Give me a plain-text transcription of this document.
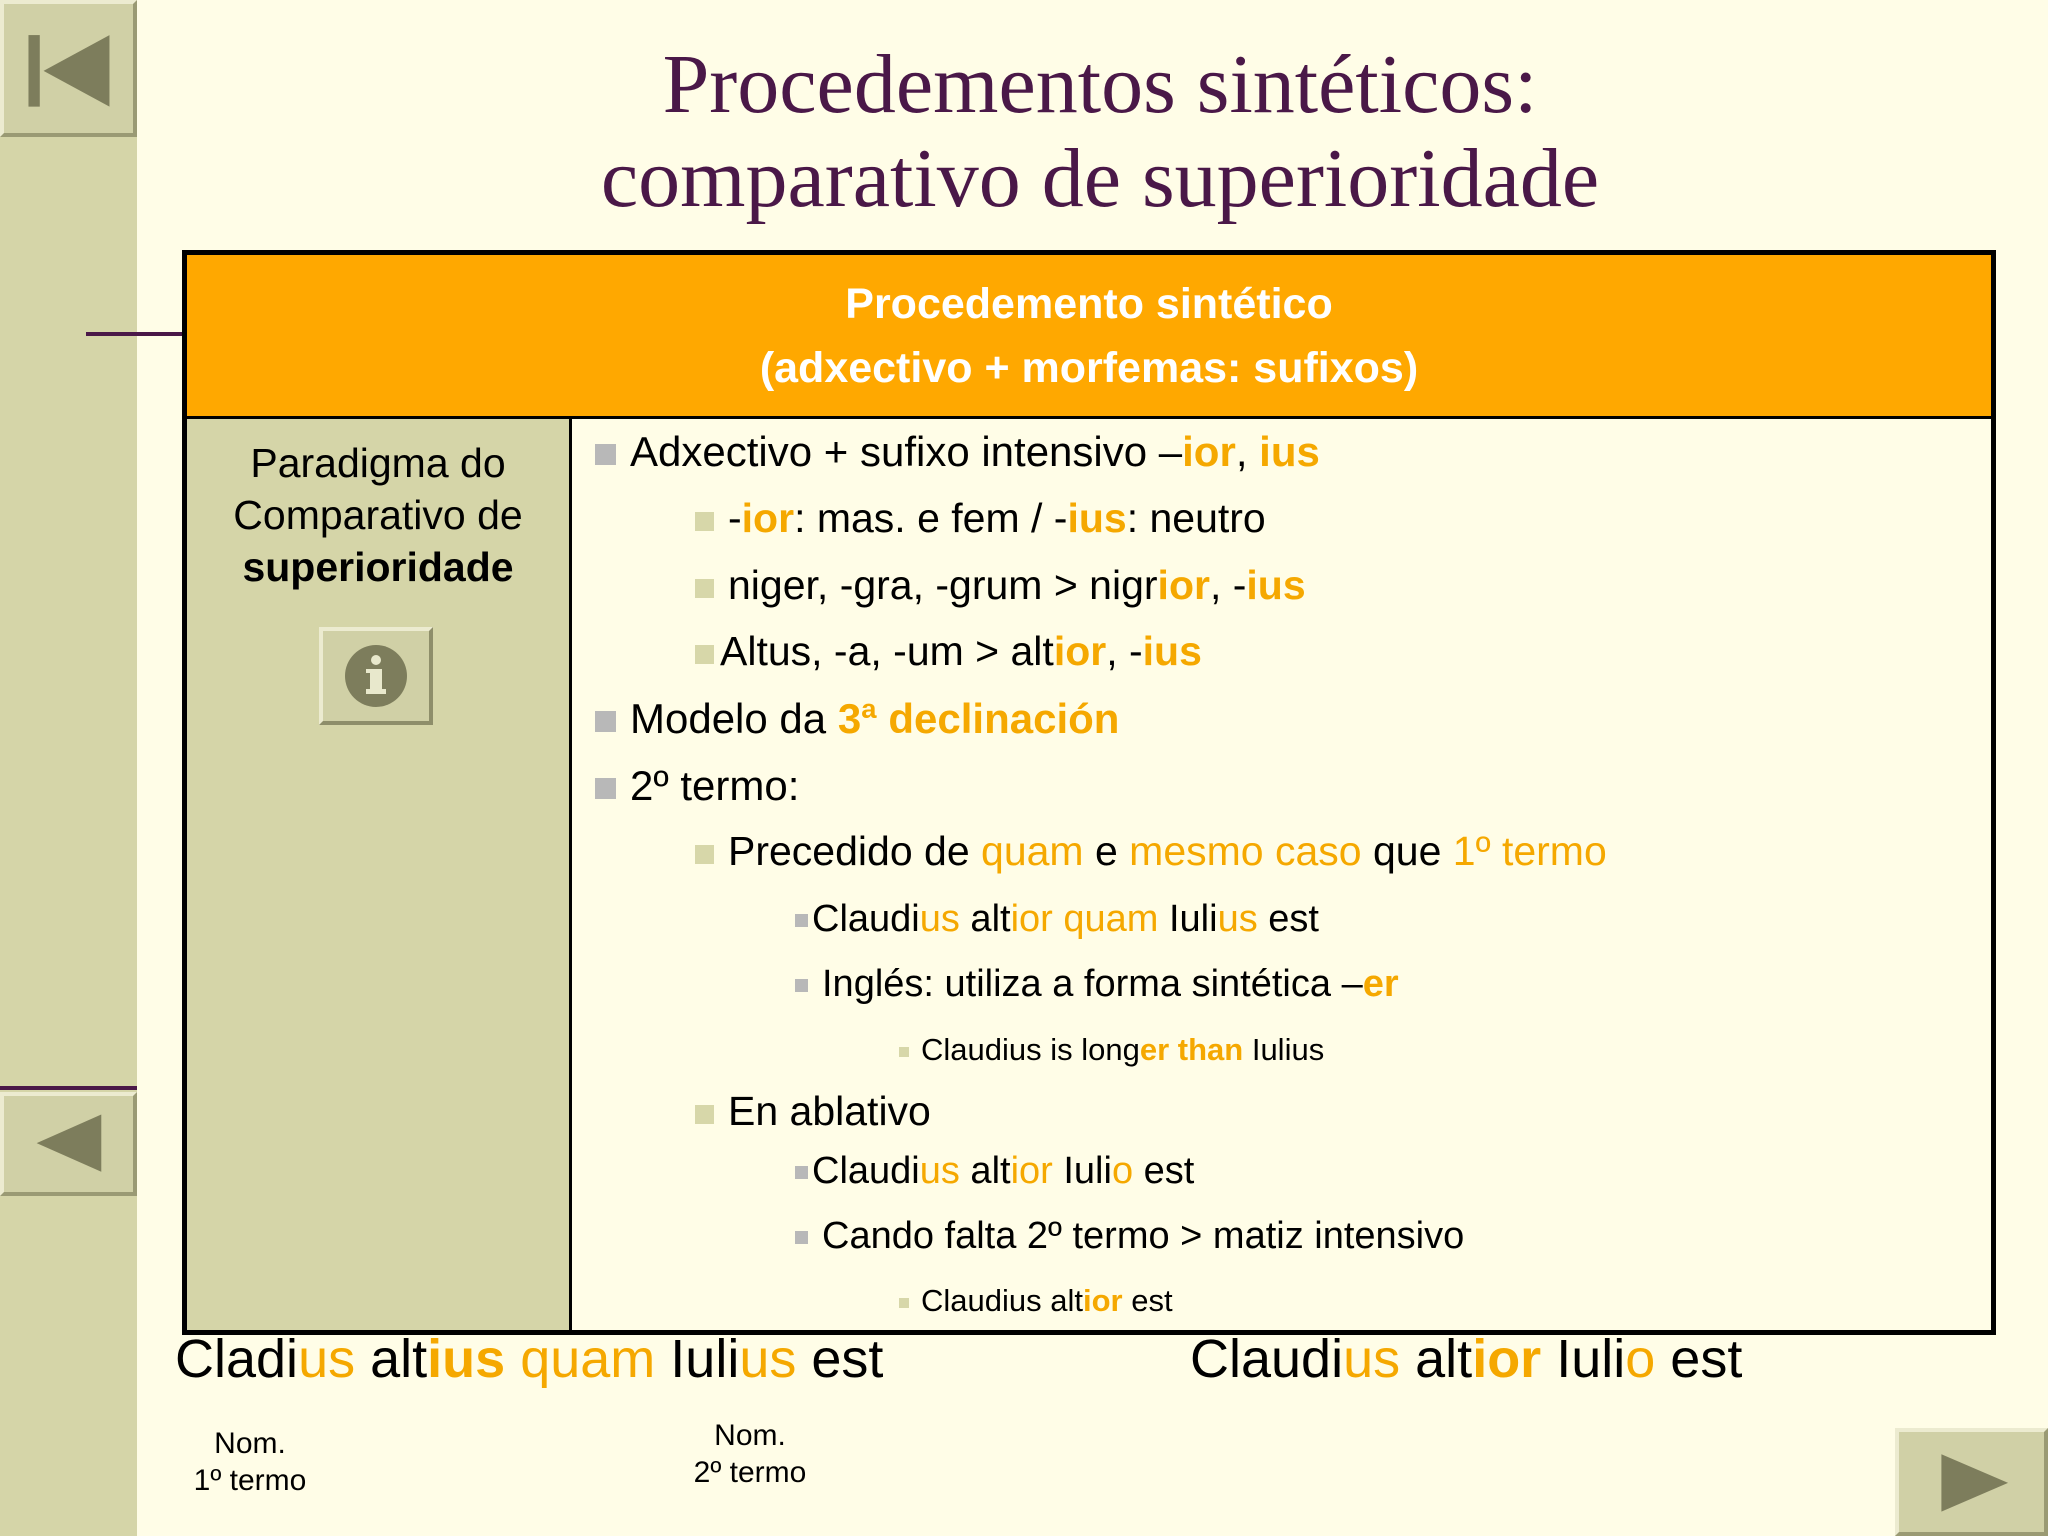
Procedementos sintéticos:
comparativo de superioridade
Procedemento sintético
(adxectivo + morfemas: sufixos)
Paradigma do
Comparativo de
superioridade
Adxectivo + sufixo intensivo –ior, ius
-ior: mas. e fem / -ius: neutro
niger, -gra, -grum > nigrior, -ius
Altus, -a, -um > altior, -ius
Modelo da 3ª declinación
2º termo:
Precedido de quam e mesmo caso que 1º termo
Claudius altior quam Iulius est
Inglés: utiliza a forma sintética –er
Claudius is longer than Iulius
En ablativo
Claudius altior Iulio est
Cando falta 2º termo > matiz intensivo
Claudius altior est
Cladius altius quam Iulius est	Claudius altior Iulio est
Nom.
1º termo
Nom.
2º termo
